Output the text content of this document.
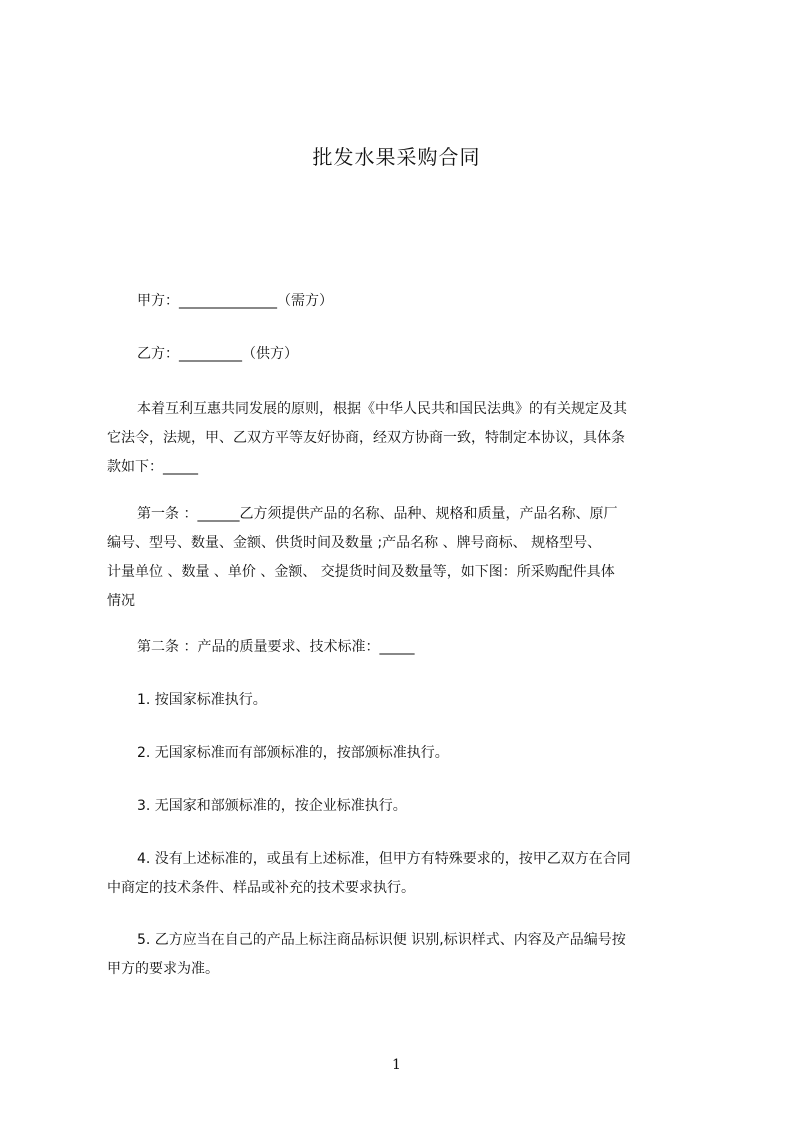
批发水果采购合同
甲方：______________（需方）
乙方：_________（供方）
本着互利互惠共同发展的原则，根据《中华人民共和国民法典》的有关规定及其
它法令，法规，甲、乙双方平等友好协商，经双方协商一致，特制定本协议，具体条
款如下：_____
第一条 ：______乙方须提供产品的名称、品种、规格和质量，产品名称、原厂
编号、型号、数量、金额、供货时间及数量 ;产品名称 、牌号商标、 规格型号、
计量单位 、数量 、单价 、金额、 交提货时间及数量等，如下图：所采购配件具体
情况
第二条 ：产品的质量要求、技术标准：_____
1. 按国家标准执行。
2. 无国家标准而有部颁标准的，按部颁标准执行。
3. 无国家和部颁标准的，按企业标准执行。
4. 没有上述标准的，或虽有上述标准，但甲方有特殊要求的，按甲乙双方在合同
中商定的技术条件、样品或补充的技术要求执行。
5. 乙方应当在自己的产品上标注商品标识便 识别,标识样式、内容及产品编号按
甲方的要求为准。
1
